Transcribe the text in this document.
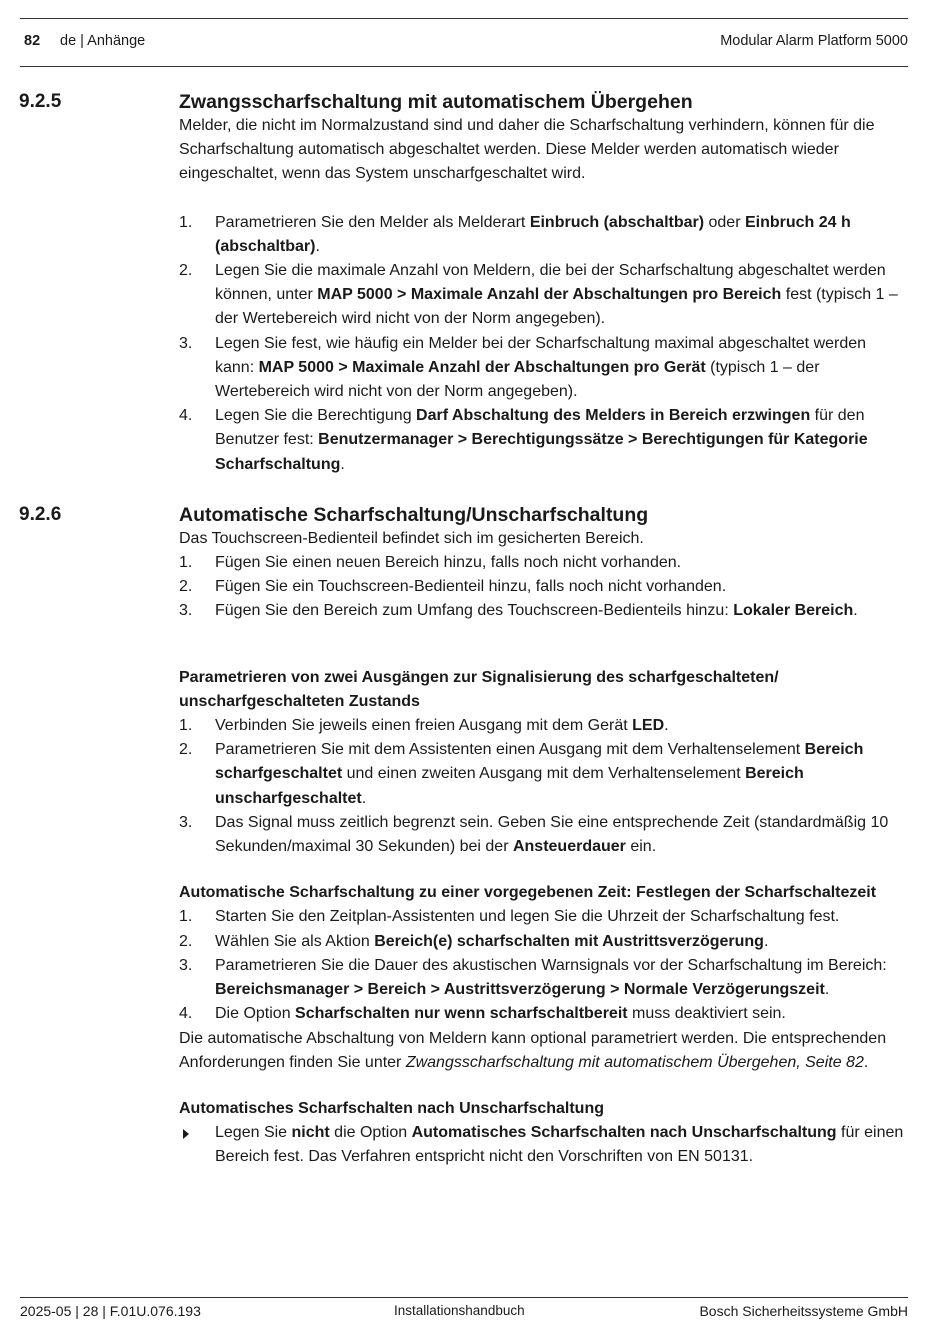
82 de | Anhänge	Modular Alarm Platform 5000
9.2.5	Zwangsscharfschaltung mit automatischem Übergehen

Melder, die nicht im Normalzustand sind und daher die Scharfschaltung verhindern, können für die Scharfschaltung automatisch abgeschaltet werden. Diese Melder werden automatisch wieder eingeschaltet, wenn das System unscharfgeschaltet wird.

1. Parametrieren Sie den Melder als Melderart Einbruch (abschaltbar) oder Einbruch 24 h (abschaltbar).
2. Legen Sie die maximale Anzahl von Meldern, die bei der Scharfschaltung abgeschaltet werden können, unter MAP 5000 > Maximale Anzahl der Abschaltungen pro Bereich fest (typisch 1 – der Wertebereich wird nicht von der Norm angegeben).
3. Legen Sie fest, wie häufig ein Melder bei der Scharfschaltung maximal abgeschaltet werden kann: MAP 5000 > Maximale Anzahl der Abschaltungen pro Gerät (typisch 1 – der Wertebereich wird nicht von der Norm angegeben).
4. Legen Sie die Berechtigung Darf Abschaltung des Melders in Bereich erzwingen für den Benutzer fest: Benutzermanager > Berechtigungssätze > Berechtigungen für Kategorie Scharfschaltung.
9.2.6	Automatische Scharfschaltung/Unscharfschaltung

Das Touchscreen-Bedienteil befindet sich im gesicherten Bereich.

1. Fügen Sie einen neuen Bereich hinzu, falls noch nicht vorhanden.
2. Fügen Sie ein Touchscreen-Bedienteil hinzu, falls noch nicht vorhanden.
3. Fügen Sie den Bereich zum Umfang des Touchscreen-Bedienteils hinzu: Lokaler Bereich.

Parametrieren von zwei Ausgängen zur Signalisierung des scharfgeschalteten/ unscharfgeschalteten Zustands

1. Verbinden Sie jeweils einen freien Ausgang mit dem Gerät LED.
2. Parametrieren Sie mit dem Assistenten einen Ausgang mit dem Verhaltenselement Bereich scharfgeschaltet und einen zweiten Ausgang mit dem Verhaltenselement Bereich unscharfgeschaltet.
3. Das Signal muss zeitlich begrenzt sein. Geben Sie eine entsprechende Zeit (standardmäßig 10 Sekunden/maximal 30 Sekunden) bei der Ansteuerdauer ein.

Automatische Scharfschaltung zu einer vorgegebenen Zeit: Festlegen der Scharfschaltezeit

1. Starten Sie den Zeitplan-Assistenten und legen Sie die Uhrzeit der Scharfschaltung fest.
2. Wählen Sie als Aktion Bereich(e) scharfschalten mit Austrittsverzögerung.
3. Parametrieren Sie die Dauer des akustischen Warnsignals vor der Scharfschaltung im Bereich: Bereichsmanager > Bereich > Austrittsverzögerung > Normale Verzögerungszeit.
4. Die Option Scharfschalten nur wenn scharfschaltbereit muss deaktiviert sein.

Die automatische Abschaltung von Meldern kann optional parametriert werden. Die entsprechenden Anforderungen finden Sie unter Zwangsscharfschaltung mit automatischem Übergehen, Seite 82.

Automatisches Scharfschalten nach Unscharfschaltung

Legen Sie nicht die Option Automatisches Scharfschalten nach Unscharfschaltung für einen Bereich fest. Das Verfahren entspricht nicht den Vorschriften von EN 50131.
2025-05 | 28 | F.01U.076.193	Installationshandbuch	Bosch Sicherheitssysteme GmbH
